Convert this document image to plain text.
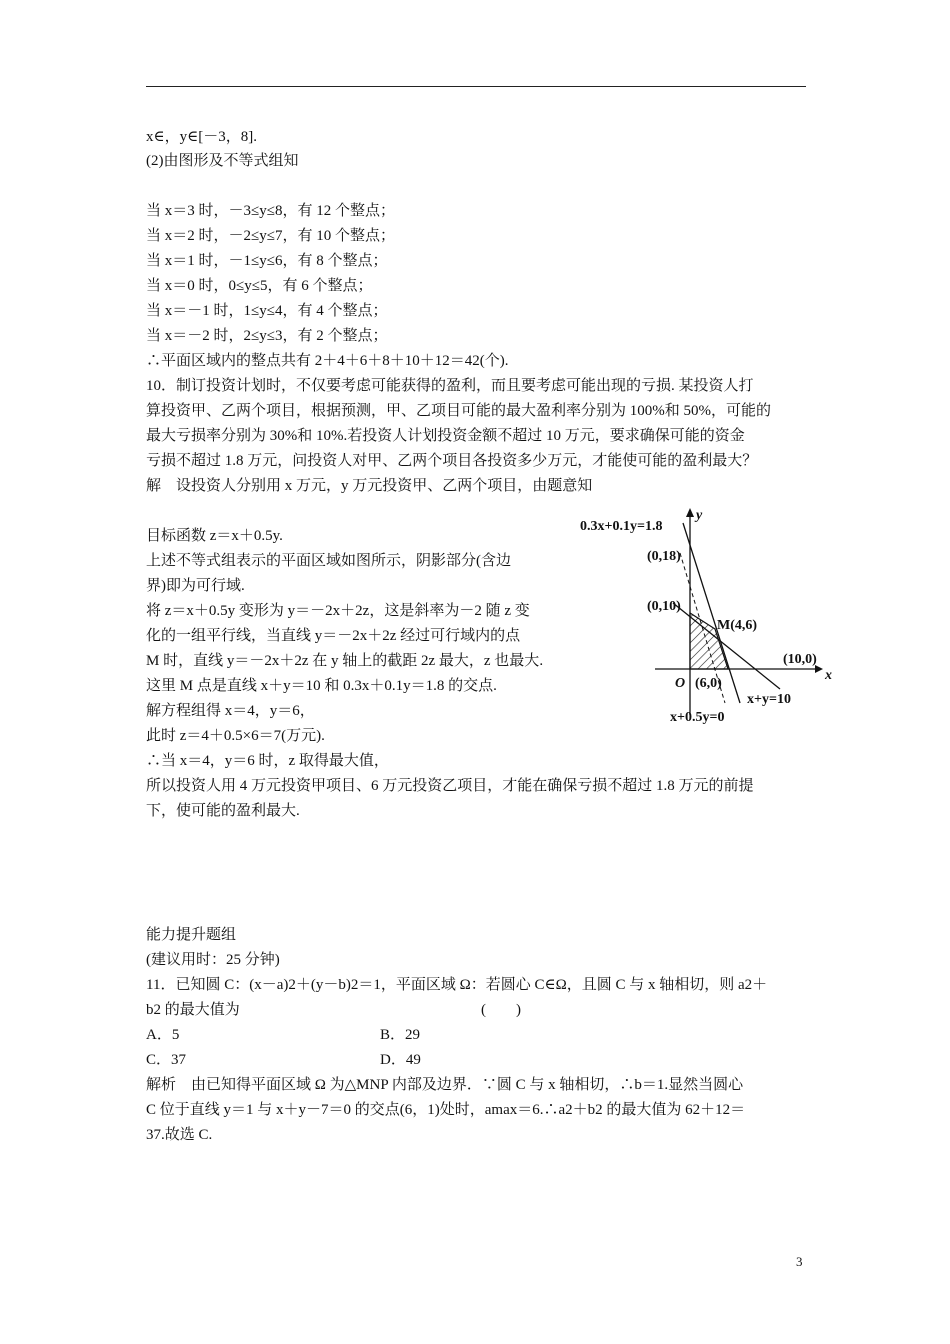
x∈，y∈[－3，8].
(2)由图形及不等式组知
当 x＝3 时，－3≤y≤8，有 12 个整点；
当 x＝2 时，－2≤y≤7，有 10 个整点；
当 x＝1 时，－1≤y≤6，有 8 个整点；
当 x＝0 时，0≤y≤5，有 6 个整点；
当 x＝－1 时，1≤y≤4，有 4 个整点；
当 x＝－2 时，2≤y≤3，有 2 个整点；
∴平面区域内的整点共有 2＋4＋6＋8＋10＋12＝42(个).
10．制订投资计划时，不仅要考虑可能获得的盈利，而且要考虑可能出现的亏损. 某投资人打
算投资甲、乙两个项目，根据预测，甲、乙项目可能的最大盈利率分别为 100%和 50%，可能的
最大亏损率分别为 30%和 10%.若投资人计划投资金额不超过 10 万元，要求确保可能的资金
亏损不超过 1.8 万元，问投资人对甲、乙两个项目各投资多少万元，才能使可能的盈利最大？
解　设投资人分别用 x 万元，y 万元投资甲、乙两个项目，由题意知
目标函数 z＝x＋0.5y.
上述不等式组表示的平面区域如图所示，阴影部分(含边
界)即为可行域.
将 z＝x＋0.5y 变形为 y＝－2x＋2z，这是斜率为－2 随 z 变
化的一组平行线，当直线 y＝－2x＋2z 经过可行域内的点
M 时，直线 y＝－2x＋2z 在 y 轴上的截距 2z 最大，z 也最大.
这里 M 点是直线 x＋y＝10 和 0.3x＋0.1y＝1.8 的交点.
解方程组得 x＝4，y＝6，
此时 z＝4＋0.5×6＝7(万元).
∴当 x＝4，y＝6 时，z 取得最大值，
所以投资人用 4 万元投资甲项目、6 万元投资乙项目，才能在确保亏损不超过 1.8 万元的前提
下，使可能的盈利最大.
能力提升题组
(建议用时：25 分钟)
11．已知圆 C：(x－a)2＋(y－b)2＝1，平面区域 Ω：若圆心 C∈Ω，且圆 C 与 x 轴相切，则 a2＋
b2 的最大值为	(　　)
A．5	B．29
C．37	D．49
解析　由已知得平面区域 Ω 为△MNP 内部及边界．∵圆 C 与 x 轴相切，∴b＝1.显然当圆心
C 位于直线 y＝1 与 x＋y－7＝0 的交点(6，1)处时，amax＝6.∴a2＋b2 的最大值为 62＋12＝
37.故选 C.
0.3x+0.1y=1.8
y
x
(0,18)
(0,10)
M(4,6)
(10,0)
O (6,0)
x+y=10
x+0.5y=0
3
